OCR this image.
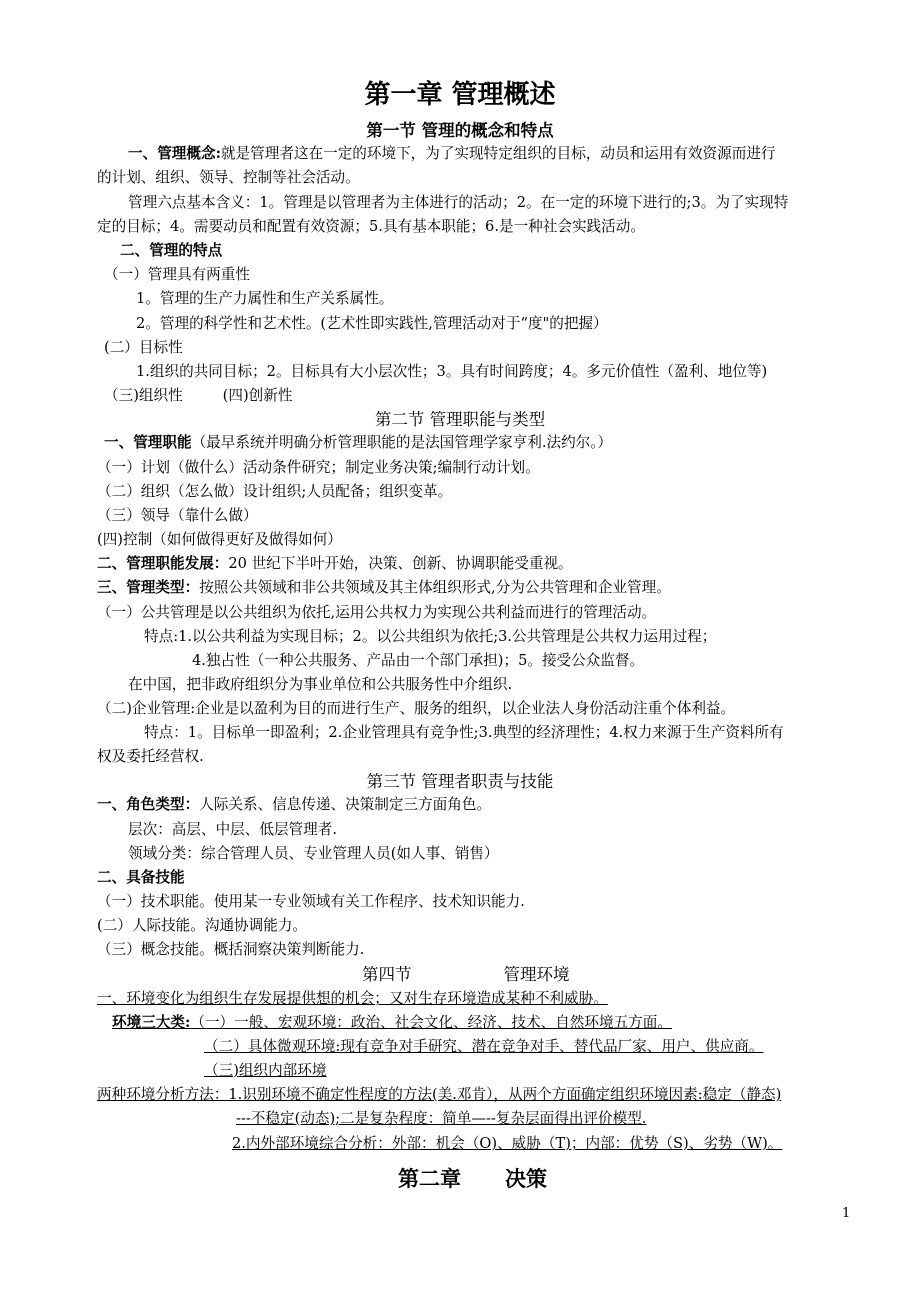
第一章 管理概述
第一节 管理的概念和特点
一、管理概念:就是管理者这在一定的环境下，为了实现特定组织的目标，动员和运用有效资源而进行
的计划、组织、领导、控制等社会活动。
管理六点基本含义：1。管理是以管理者为主体进行的活动；2。在一定的环境下进行的;3。为了实现特
定的目标；4。需要动员和配置有效资源；5.具有基本职能；6.是一种社会实践活动。
二、管理的特点
（一）管理具有两重性
1。管理的生产力属性和生产关系属性。
2。管理的科学性和艺术性。(艺术性即实践性,管理活动对于“度"的把握）
(二）目标性
1.组织的共同目标；2。目标具有大小层次性；3。具有时间跨度；4。多元价值性（盈利、地位等)
（三)组织性	(四)创新性
第二节 管理职能与类型
一、管理职能（最早系统并明确分析管理职能的是法国管理学家亨利.法约尔。）
（一）计划（做什么）活动条件研究；制定业务决策;编制行动计划。
（二）组织（怎么做）设计组织;人员配备；组织变革。
（三）领导（靠什么做）
(四)控制（如何做得更好及做得如何）
二、管理职能发展：20 世纪下半叶开始，决策、创新、协调职能受重视。
三、管理类型：按照公共领域和非公共领域及其主体组织形式,分为公共管理和企业管理。
（一）公共管理是以公共组织为依托,运用公共权力为实现公共利益而进行的管理活动。
特点:1.以公共利益为实现目标；2。以公共组织为依托;3.公共管理是公共权力运用过程；
4.独占性（一种公共服务、产品由一个部门承担)；5。接受公众监督。
在中国，把非政府组织分为事业单位和公共服务性中介组织.
（二)企业管理:企业是以盈利为目的而进行生产、服务的组织，以企业法人身份活动注重个体利益。
特点：1。目标单一即盈利；2.企业管理具有竞争性;3.典型的经济理性；4.权力来源于生产资料所有
权及委托经营权.
第三节 管理者职责与技能
一、角色类型：人际关系、信息传递、决策制定三方面角色。
层次：高层、中层、低层管理者.
领域分类：综合管理人员、专业管理人员(如人事、销售）
二、具备技能
（一）技术职能。使用某一专业领域有关工作程序、技术知识能力.
(二）人际技能。沟通协调能力。
（三）概念技能。概括洞察决策判断能力.
第四节	管理环境
一、环境变化为组织生存发展提供想的机会；又对生存环境造成某种不利威胁。
环境三大类:（一）一般、宏观环境：政治、社会文化、经济、技术、自然环境五方面。
（二）具体微观环境:现有竞争对手研究、潜在竞争对手、替代品厂家、用户、供应商。
（三)组织内部环境
两种环境分析方法：1.识别环境不确定性程度的方法(美.邓肯），从两个方面确定组织环境因素:稳定（静态)
---不稳定(动态);二是复杂程度：简单—--复杂层面得出评价模型.
2.内外部环境综合分析：外部：机会（O)、威胁（T)；内部：优势（S)、劣势（W)。
第二章 决策
1
